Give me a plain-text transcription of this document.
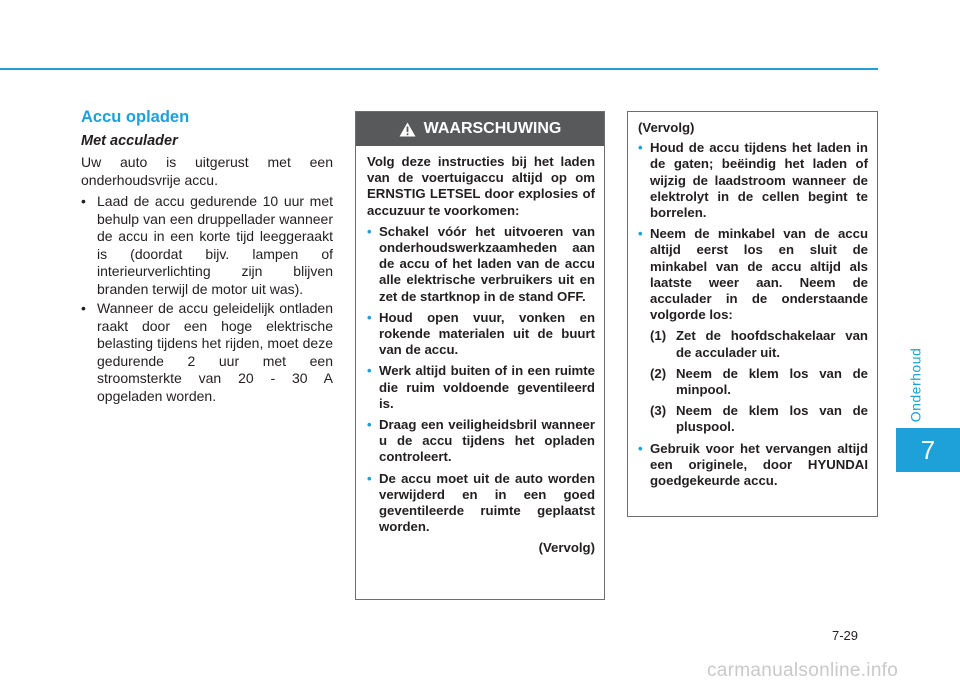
Onderhoud
7
Accu opladen
Met acculader

Uw auto is uitgerust met een onderhoudsvrije accu.

• Laad de accu gedurende 10 uur met behulp van een druppellader wanneer de accu in een korte tijd leeggeraakt is (doordat bijv. lampen of interieurverlichting zijn blijven branden terwijl de motor uit was).
• Wanneer de accu geleidelijk ontladen raakt door een hoge elektrische belasting tijdens het rijden, moet deze gedurende 2 uur met een stroomsterkte van 20 - 30 A opgeladen worden.
WAARSCHUWING

Volg deze instructies bij het laden van de voertuigaccu altijd op om ERNSTIG LETSEL door explosies of accuzuur te voorkomen:

• Schakel vóór het uitvoeren van onderhoudswerkzaamheden aan de accu of het laden van de accu alle elektrische verbruikers uit en zet de startknop in de stand OFF.
• Houd open vuur, vonken en rokende materialen uit de buurt van de accu.
• Werk altijd buiten of in een ruimte die ruim voldoende geventileerd is.
• Draag een veiligheidsbril wanneer u de accu tijdens het opladen controleert.
• De accu moet uit de auto worden verwijderd en in een goed geventileerde ruimte geplaatst worden.
(Vervolg)
(Vervolg)
• Houd de accu tijdens het laden in de gaten; beëindig het laden of wijzig de laadstroom wanneer de elektrolyt in de cellen begint te borrelen.
• Neem de minkabel van de accu altijd eerst los en sluit de minkabel van de accu altijd als laatste weer aan. Neem de acculader in de onderstaande volgorde los:
(1) Zet de hoofdschakelaar van de acculader uit.
(2) Neem de klem los van de minpool.
(3) Neem de klem los van de pluspool.
• Gebruik voor het vervangen altijd een originele, door HYUNDAI goedgekeurde accu.
7-29
carmanualsonline.info
